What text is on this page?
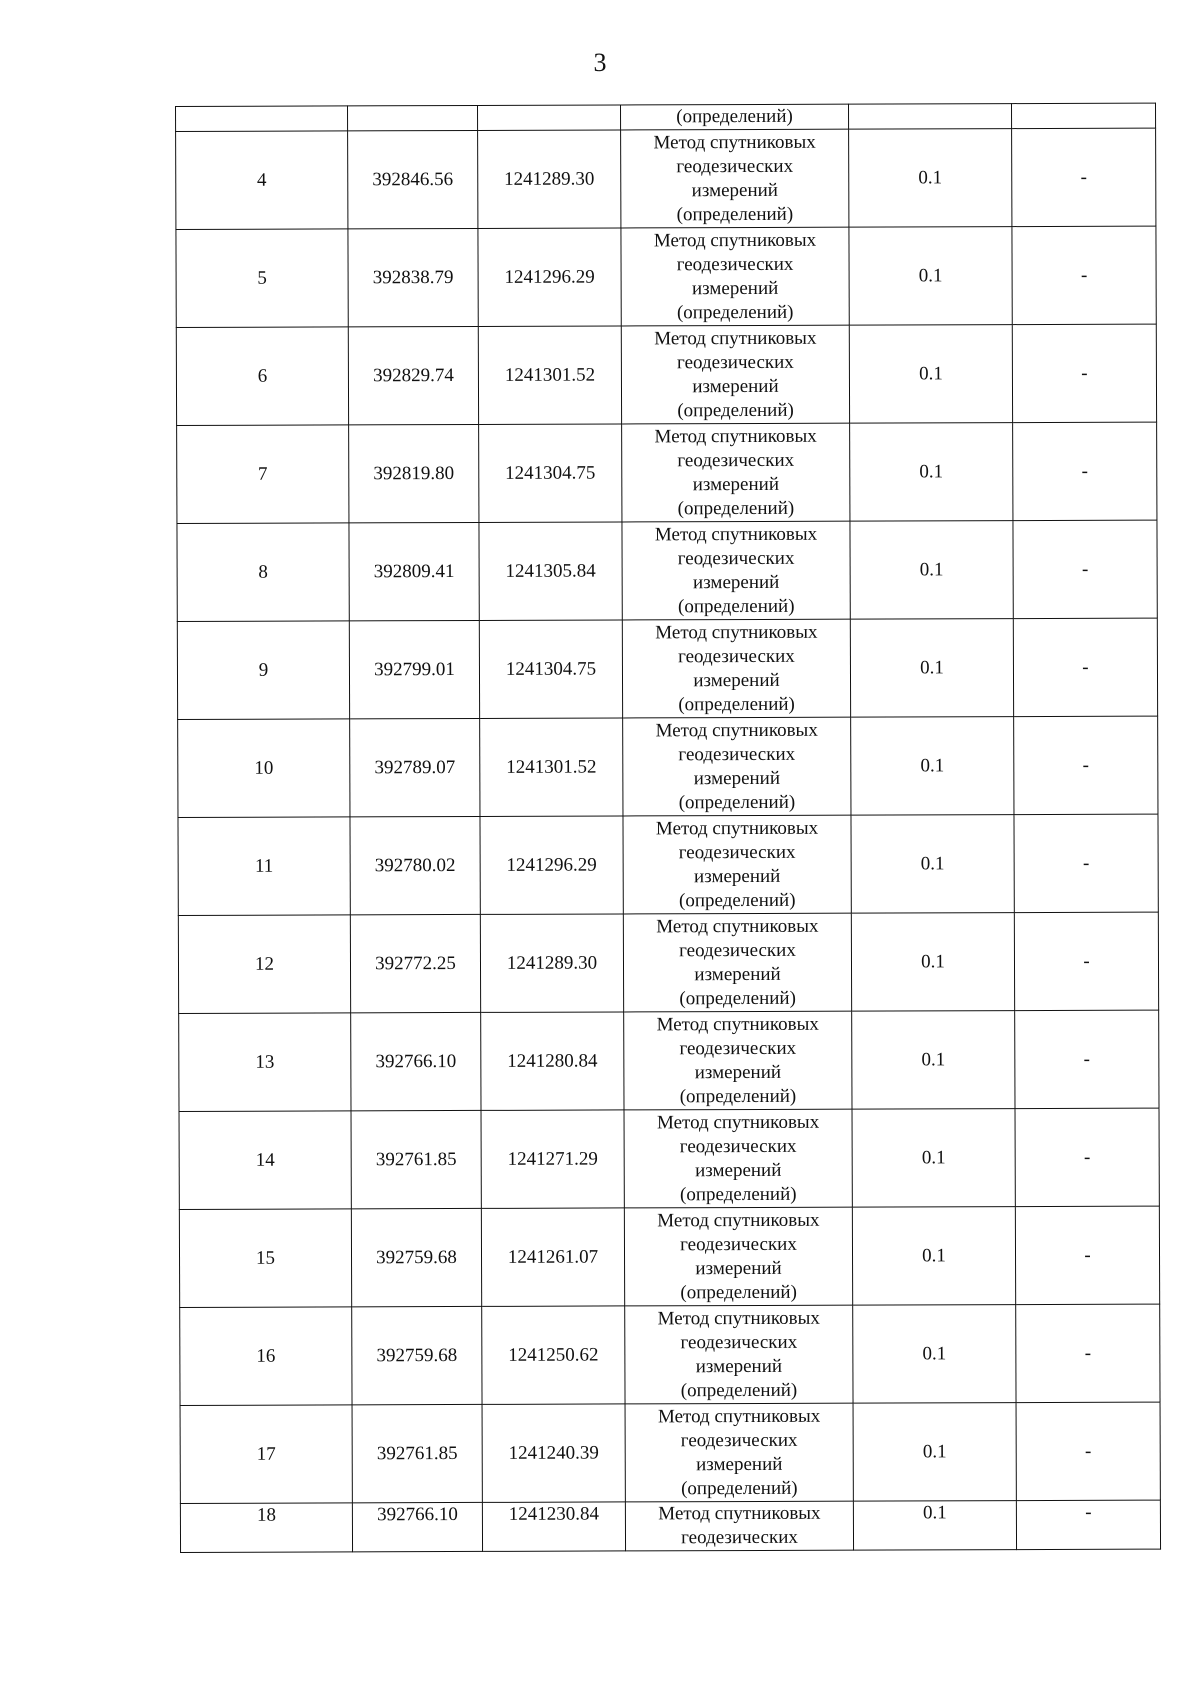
3
			(определений)		
4	392846.56	1241289.30	Метод спутниковых
геодезических
измерений
(определений)	0.1	-
5	392838.79	1241296.29	Метод спутниковых
геодезических
измерений
(определений)	0.1	-
6	392829.74	1241301.52	Метод спутниковых
геодезических
измерений
(определений)	0.1	-
7	392819.80	1241304.75	Метод спутниковых
геодезических
измерений
(определений)	0.1	-
8	392809.41	1241305.84	Метод спутниковых
геодезических
измерений
(определений)	0.1	-
9	392799.01	1241304.75	Метод спутниковых
геодезических
измерений
(определений)	0.1	-
10	392789.07	1241301.52	Метод спутниковых
геодезических
измерений
(определений)	0.1	-
11	392780.02	1241296.29	Метод спутниковых
геодезических
измерений
(определений)	0.1	-
12	392772.25	1241289.30	Метод спутниковых
геодезических
измерений
(определений)	0.1	-
13	392766.10	1241280.84	Метод спутниковых
геодезических
измерений
(определений)	0.1	-
14	392761.85	1241271.29	Метод спутниковых
геодезических
измерений
(определений)	0.1	-
15	392759.68	1241261.07	Метод спутниковых
геодезических
измерений
(определений)	0.1	-
16	392759.68	1241250.62	Метод спутниковых
геодезических
измерений
(определений)	0.1	-
17	392761.85	1241240.39	Метод спутниковых
геодезических
измерений
(определений)	0.1	-
18	392766.10	1241230.84	Метод спутниковых
геодезических	0.1	-
